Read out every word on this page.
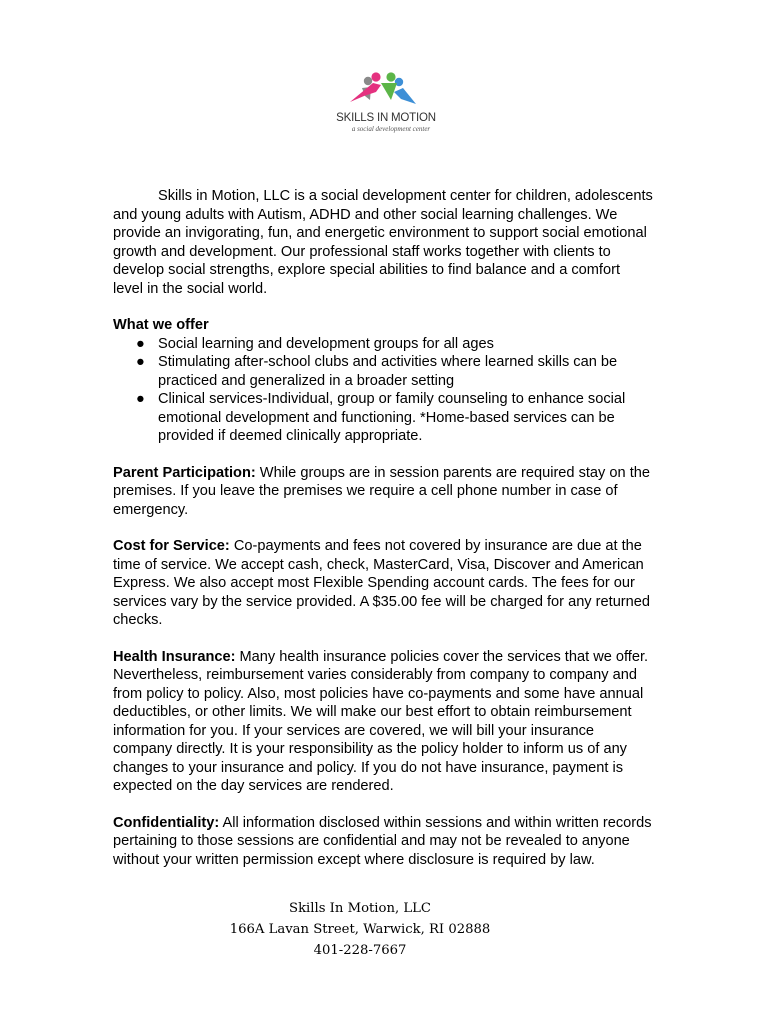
SKILLS IN MOTION
a social development center

Skills in Motion, LLC is a social development center for children, adolescents and young adults with Autism, ADHD and other social learning challenges. We provide an invigorating, fun, and energetic environment to support social emotional growth and development. Our professional staff works together with clients to develop social strengths, explore special abilities to find balance and a comfort level in the social world.

What we offer
● Social learning and development groups for all ages
● Stimulating after-school clubs and activities where learned skills can be practiced and generalized in a broader setting
● Clinical services-Individual, group or family counseling to enhance social emotional development and functioning. *Home-based services can be provided if deemed clinically appropriate.

Parent Participation: While groups are in session parents are required stay on the premises. If you leave the premises we require a cell phone number in case of emergency.

Cost for Service: Co-payments and fees not covered by insurance are due at the time of service. We accept cash, check, MasterCard, Visa, Discover and American Express. We also accept most Flexible Spending account cards. The fees for our services vary by the service provided. A $35.00 fee will be charged for any returned checks.

Health Insurance: Many health insurance policies cover the services that we offer. Nevertheless, reimbursement varies considerably from company to company and from policy to policy. Also, most policies have co-payments and some have annual deductibles, or other limits. We will make our best effort to obtain reimbursement information for you. If your services are covered, we will bill your insurance company directly. It is your responsibility as the policy holder to inform us of any changes to your insurance and policy. If you do not have insurance, payment is expected on the day services are rendered.

Confidentiality: All information disclosed within sessions and within written records pertaining to those sessions are confidential and may not be revealed to anyone without your written permission except where disclosure is required by law.

Skills In Motion, LLC
166A Lavan Street, Warwick, RI 02888
401-228-7667
